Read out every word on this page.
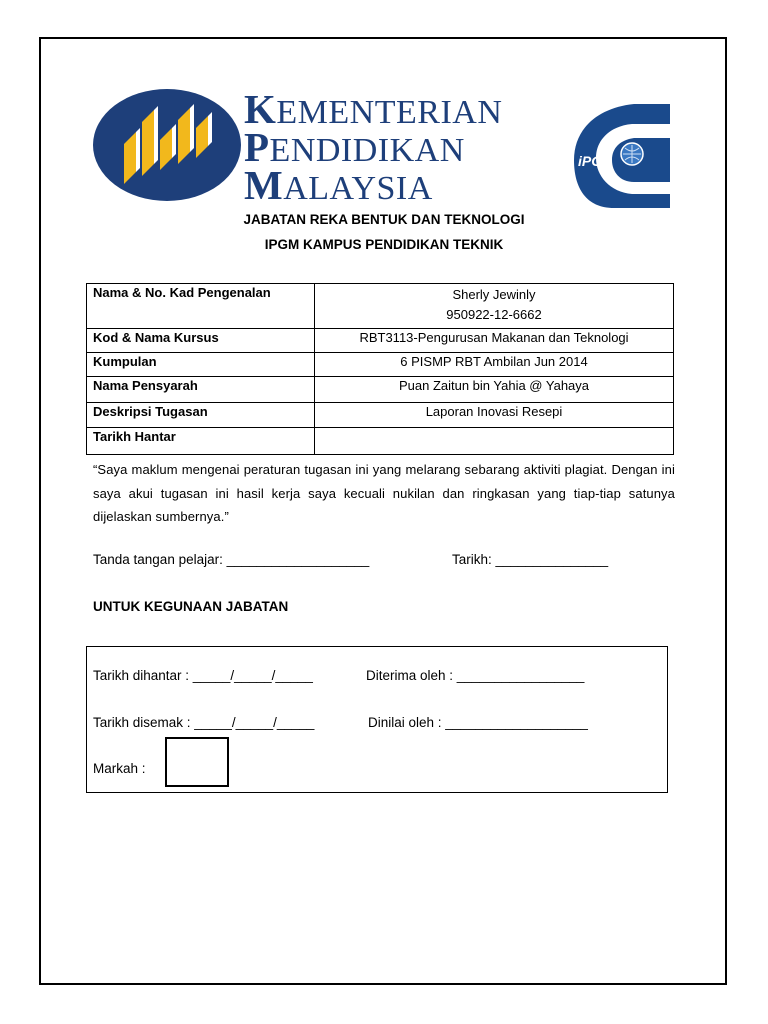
KEMENTERIAN
PENDIDIKAN
MALAYSIA
iPG
JABATAN REKA BENTUK DAN TEKNOLOGI
IPGM KAMPUS PENDIDIKAN TEKNIK
Nama & No. Kad Pengenalan	Sherly Jewinly
950922-12-6662

Kod & Nama Kursus	RBT3113-Pengurusan Makanan dan Teknologi
Kumpulan	6 PISMP RBT Ambilan Jun 2014
Nama Pensyarah	Puan Zaitun bin Yahia @ Yahaya
Deskripsi Tugasan	Laporan Inovasi Resepi
Tarikh Hantar	
“Saya maklum mengenai peraturan tugasan ini yang melarang sebarang aktiviti plagiat. Dengan ini saya akui tugasan ini hasil kerja saya kecuali nukilan dan ringkasan yang tiap-tiap satunya dijelaskan sumbernya.”
Tanda tangan pelajar: ___________________	Tarikh: _______________
UNTUK KEGUNAAN JABATAN
Tarikh dihantar : _____/_____/_____	Diterima oleh : _________________
Tarikh disemak : _____/_____/_____	Dinilai oleh : ___________________
Markah :
